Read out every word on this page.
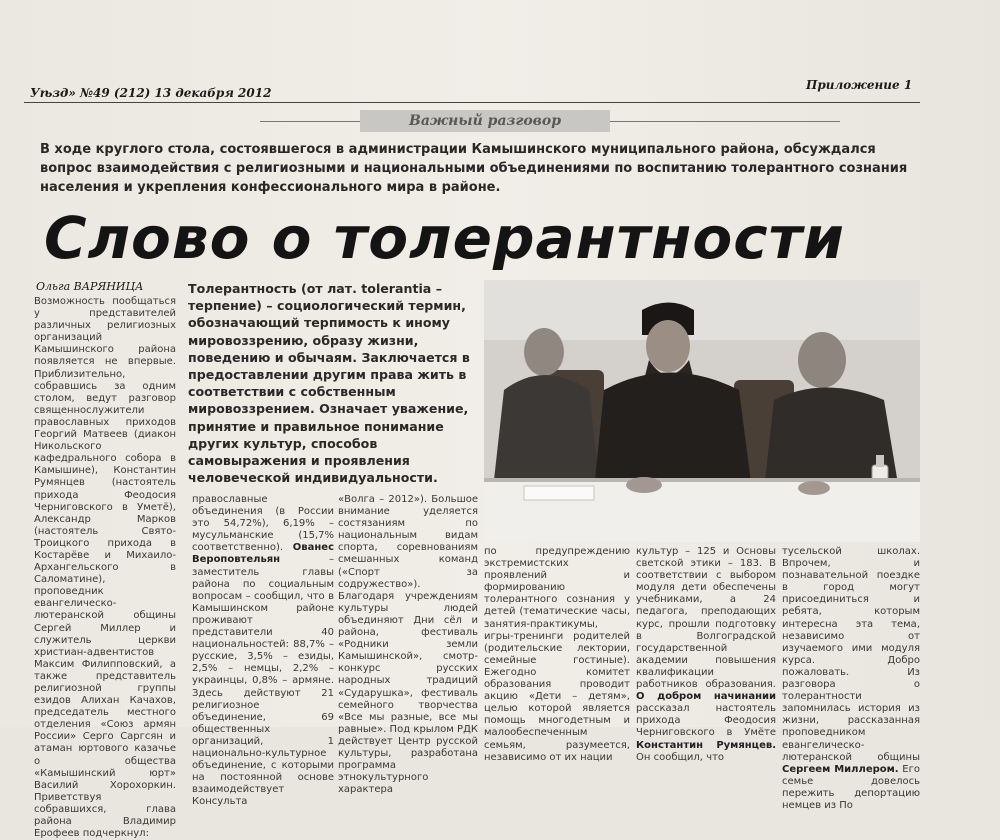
Уѣзд» №49 (212) 13 декабря 2012
Приложение 1
Важный разговор
В ходе круглого стола, состоявшегося в администрации Камышинского муниципального района, обсуждался вопрос взаимодействия с религиозными и национальными объединениями по воспитанию толерантного сознания населения и укрепления конфессионального мира в районе.
Слово о толерантности
Ольга ВАРЯНИЦА
Возможность пообщаться у представителей различных религиозных организаций Камышинского района появляется не впервые. Приблизительно, собравшись за одним столом, ведут разговор священнослужители православных приходов Георгий Матвеев (диакон Никольского кафедрального собора в Камышине), Константин Румянцев (настоятель прихода Феодосия Черниговского в Уметё), Александр Марков (настоятель Свято-Троицкого прихода в Костарёве и Михаило-Архангельского в Саломатине), проповедник евангелическо-лютеранской общины Сергей Миллер и служитель церкви христиан-адвентистов Максим Филипповский, а также представитель религиозной группы езидов Алихан Качахов, председатель местного отделения «Союз армян России» Серго Саргсян и атаман юртового казачье о общества «Камышинский юрт» Василий Хорохоркин. Приветствуя собравшихся, глава района Владимир Ерофеев подчеркнул:
Толерантность (от лат. tolerantia – терпение) – социологический термин, обозначающий терпимость к иному мировоззрению, образу жизни, поведению и обычаям. Заключается в предоставлении другим права жить в соответствии с собственным мировоззрением. Означает уважение, принятие и правильное понимание других культур, способов самовыражения и проявления человеческой индивидуальности.
православные объединения (в России это 54,72%), 6,19% – мусульманские (15,7% соответственно). Ованес Вероповтельян	– заместитель главы района по социальным вопросам – сообщил, что в Камышинском районе проживают представители 40 национальностей: 88,7% – русские, 3,5% – езиды, 2,5% – немцы, 2,2% – украинцы, 0,8% – армяне. Здесь действуют 21 религиозное объединение, 69 общественных организаций, 1 национально-культурное объединение, с которыми на постоянной основе взаимодействует Консульта
«Волга – 2012»). Большое внимание уделяется состязаниям по национальным видам спорта, соревнованиям смешанных команд («Спорт за содружество»). Благодаря учреждениям культуры людей объединяют Дни сёл и района, фестиваль «Родники земли Камышинской», смотр-конкурс русских народных традиций «Сударушка», фестиваль семейного творчества «Все мы разные, все мы равные». Под крылом РДК действует Центр русской культуры, разработана программа этнокультурного характера
по предупреждению экстремистских проявлений и формированию толерантного сознания у детей (тематические часы, занятия-практикумы, игры-тренинги родителей (родительские лектории, семейные гостиные). Ежегодно комитет образования проводит акцию «Дети – детям», целью которой является помощь многодетным и малообеспеченным семьям, разумеется, независимо от их нации
культур – 125 и Основы светской этики – 183. В соответствии с выбором модуля дети обеспечены учебниками, а 24 педагога, преподающих курс, прошли подготовку в Волгоградской государственной академии повышения квалификации работников образования. О добром начинании рассказал настоятель прихода Феодосия Черниговского в Умёте Константин Румянцев. Он сообщил, что
тусельской школах. Впрочем, и познавательной поездке в город могут присоединиться и ребята, которым интересна эта тема, независимо от изучаемого ими модуля курса. Добро пожаловать.	Из разговора о толерантности запомнилась история из жизни, рассказанная проповедником евангелическо-лютеранской общины Сергеем Миллером. Его семье довелось пережить депортацию немцев из По
